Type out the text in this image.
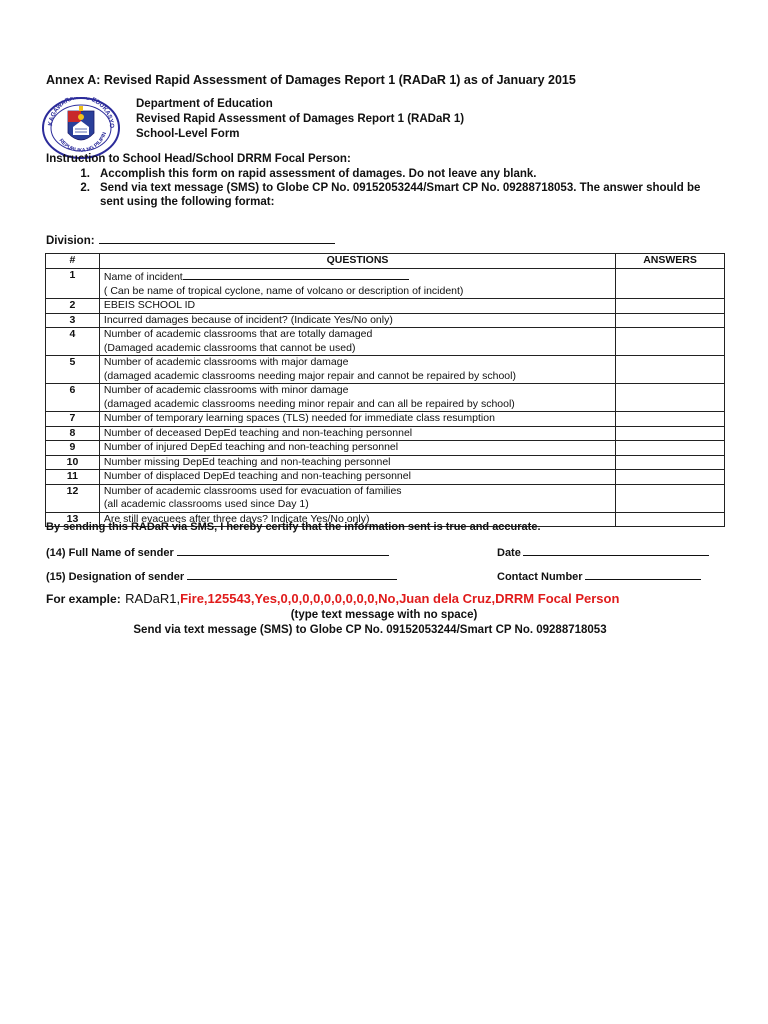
Annex A: Revised Rapid Assessment of Damages Report 1 (RADaR 1) as of January 2015
KAGAWARAN NG EDUKASYO
REPUBLIKA NG PILIPIN
Department of Education
Revised Rapid Assessment of Damages Report 1 (RADaR 1)
School-Level Form
Instruction to School Head/School DRRM Focal Person:
1. Accomplish this form on rapid assessment of damages. Do not leave any blank.
2. Send via text message (SMS) to Globe CP No. 09152053244/Smart CP No. 09288718053. The answer should be
sent using the following format:
Division:
#	QUESTIONS	ANSWERS
1	Name of incident
( Can be name of tropical cyclone, name of volcano or description of incident)	

2	EBEIS SCHOOL ID	

3	Incurred damages because of incident? (Indicate Yes/No only)	

4	Number of academic classrooms that are totally damaged
(Damaged academic classrooms that cannot be used)	

5	Number of academic classrooms with major damage
(damaged academic classrooms needing major repair and cannot be repaired by school)	

6	Number of academic classrooms with minor damage
(damaged academic classrooms needing minor repair and can all be repaired by school)	

7	Number of temporary learning spaces (TLS) needed for immediate class resumption	

8	Number of deceased DepEd teaching and non-teaching personnel	

9	Number of injured DepEd teaching and non-teaching personnel	

10	Number missing DepEd teaching and non-teaching personnel	

11	Number of displaced DepEd teaching and non-teaching personnel	

12	Number of academic classrooms used for evacuation of families
(all academic classrooms used since Day 1)	

13	Are still evacuees after three days? Indicate Yes/No only)	

By sending this RADaR via SMS, I hereby certify that the information sent is true and accurate.
(14) Full Name of sender	Date
(15) Designation of sender	Contact Number
For example: RADaR1,Fire,125543,Yes,0,0,0,0,0,0,0,0,0,No,Juan dela Cruz,DRRM Focal Person
(type text message with no space)
Send via text message (SMS) to Globe CP No. 09152053244/Smart CP No. 09288718053
